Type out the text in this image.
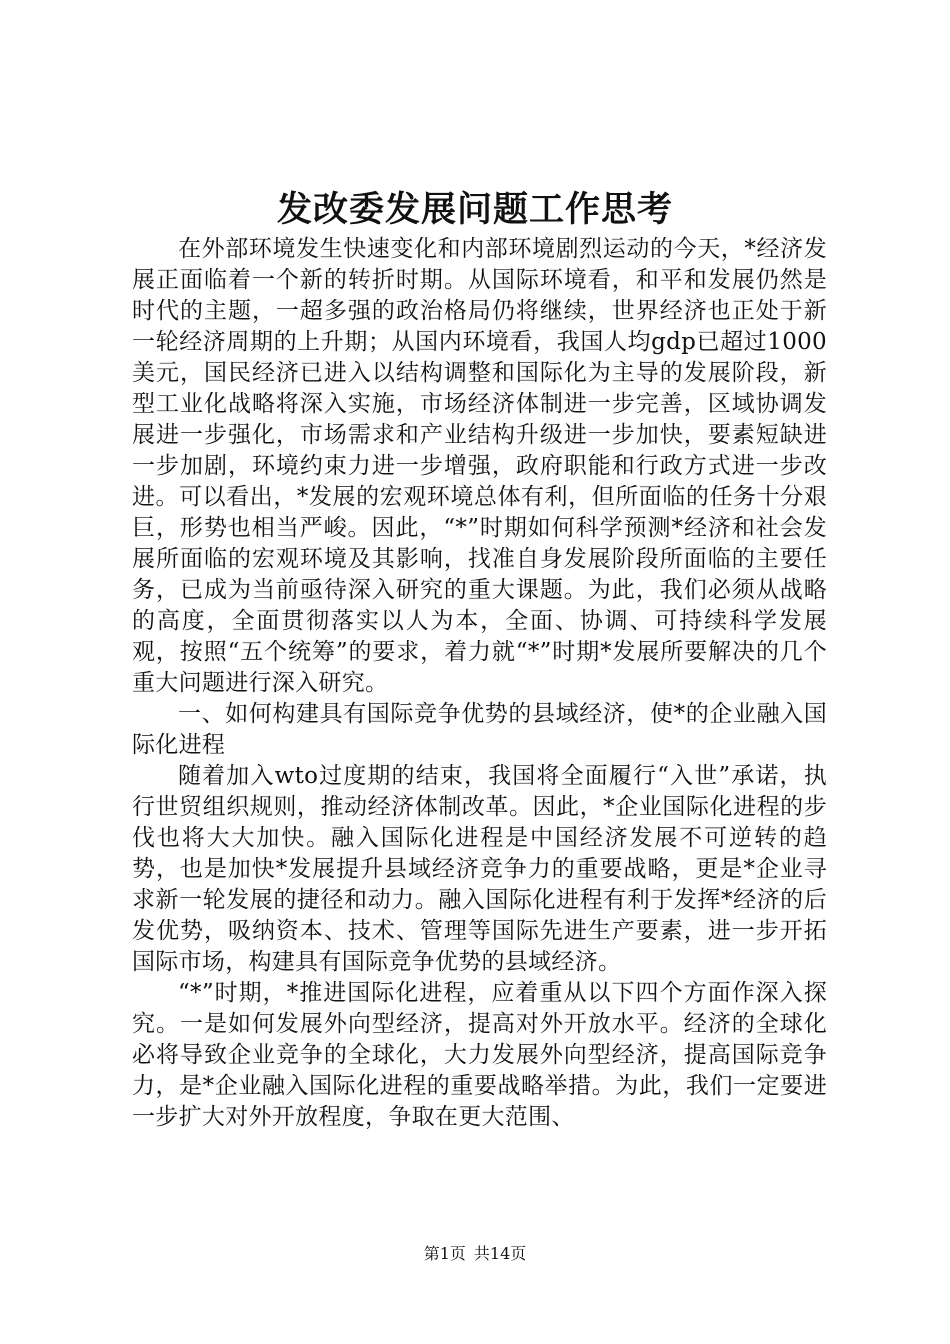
发改委发展问题工作思考

在外部环境发生快速变化和内部环境剧烈运动的今天，*经济发展正面临着一个新的转折时期。从国际环境看，和平和发展仍然是时代的主题，一超多强的政治格局仍将继续，世界经济也正处于新一轮经济周期的上升期；从国内环境看，我国人均gdp已超过1000美元，国民经济已进入以结构调整和国际化为主导的发展阶段，新型工业化战略将深入实施，市场经济体制进一步完善，区域协调发展进一步强化，市场需求和产业结构升级进一步加快，要素短缺进一步加剧，环境约束力进一步增强，政府职能和行政方式进一步改进。可以看出，*发展的宏观环境总体有利，但所面临的任务十分艰巨，形势也相当严峻。因此，“*”时期如何科学预测*经济和社会发展所面临的宏观环境及其影响，找准自身发展阶段所面临的主要任务，已成为当前亟待深入研究的重大课题。为此，我们必须从战略的高度，全面贯彻落实以人为本，全面、协调、可持续科学发展观，按照“五个统筹”的要求，着力就“*”时期*发展所要解决的几个重大问题进行深入研究。

一、如何构建具有国际竞争优势的县域经济，使*的企业融入国际化进程

随着加入wto过度期的结束，我国将全面履行“入世”承诺，执行世贸组织规则，推动经济体制改革。因此，*企业国际化进程的步伐也将大大加快。融入国际化进程是中国经济发展不可逆转的趋势，也是加快*发展提升县域经济竞争力的重要战略，更是*企业寻求新一轮发展的捷径和动力。融入国际化进程有利于发挥*经济的后发优势，吸纳资本、技术、管理等国际先进生产要素，进一步开拓国际市场，构建具有国际竞争优势的县域经济。

“*”时期，*推进国际化进程，应着重从以下四个方面作深入探究。一是如何发展外向型经济，提高对外开放水平。经济的全球化必将导致企业竞争的全球化，大力发展外向型经济，提高国际竞争力，是*企业融入国际化进程的重要战略举措。为此，我们一定要进一步扩大对外开放程度，争取在更大范围、

第1页 共14页
